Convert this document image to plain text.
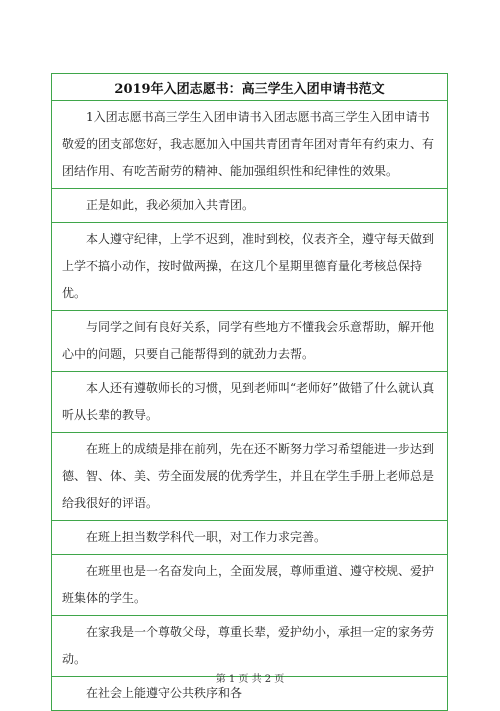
2019年入团志愿书：高三学生入团申请书范文

1入团志愿书高三学生入团申请书入团志愿书高三学生入团申请书敬爱的团支部您好，我志愿加入中国共青团青年团对青年有约束力、有团结作用、有吃苦耐劳的精神、能加强组织性和纪律性的效果。

正是如此，我必须加入共青团。

本人遵守纪律，上学不迟到，准时到校，仪表齐全，遵守每天做到上学不搞小动作，按时做两操，在这几个星期里德育量化考核总保持优。

与同学之间有良好关系，同学有些地方不懂我会乐意帮助，解开他心中的问题，只要自己能帮得到的就劲力去帮。

本人还有遵敬师长的习惯，见到老师叫“老师好”做错了什么就认真听从长辈的教导。

在班上的成绩是排在前列，先在还不断努力学习希望能进一步达到德、智、体、美、劳全面发展的优秀学生，并且在学生手册上老师总是给我很好的评语。

在班上担当数学科代一职，对工作力求完善。

在班里也是一名奋发向上，全面发展，尊师重道、遵守校规、爱护班集体的学生。

在家我是一个尊敬父母，尊重长辈，爱护幼小，承担一定的家务劳动。

在社会上能遵守公共秩序和各

第 1 页 共 2 页
